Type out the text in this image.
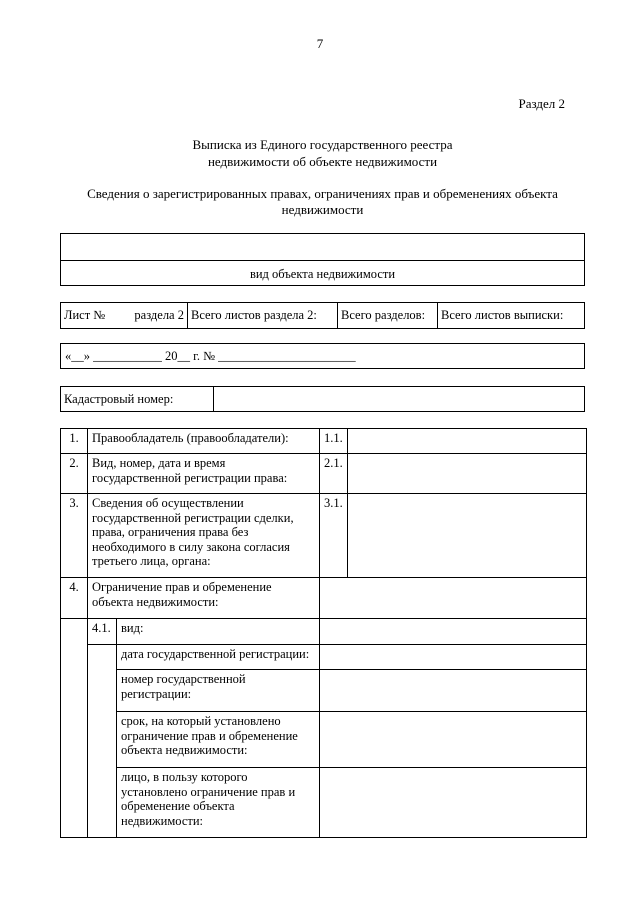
7
Раздел 2
Выписка из Единого государственного реестра
недвижимости об объекте недвижимости
Сведения о зарегистрированных правах, ограничениях прав и обременениях объекта
недвижимости
вид объекта недвижимости
Лист № раздела 2 Всего листов раздела 2:	Всего разделов:	Всего листов выписки:
«__» ___________ 20__ г. № ______________________
Кадастровый номер:
1.	Правообладатель (правообладатели):		1.1.	
2.	Вид, номер, дата и время государственной регистрации права:		2.1.	
3.	Сведения об осуществлении государственной регистрации сделки, права, ограничения права без необходимого в силу закона согласия третьего лица, органа:		3.1.	
4.	Ограничение прав и обременение объекта недвижимости:			
	4.1.	вид:		
		дата государственной регистрации:		
		номер государственной регистрации:		
		срок, на который установлено ограничение прав и обременение объекта недвижимости:		
		лицо, в пользу которого установлено ограничение прав и обременение объекта недвижимости:		
